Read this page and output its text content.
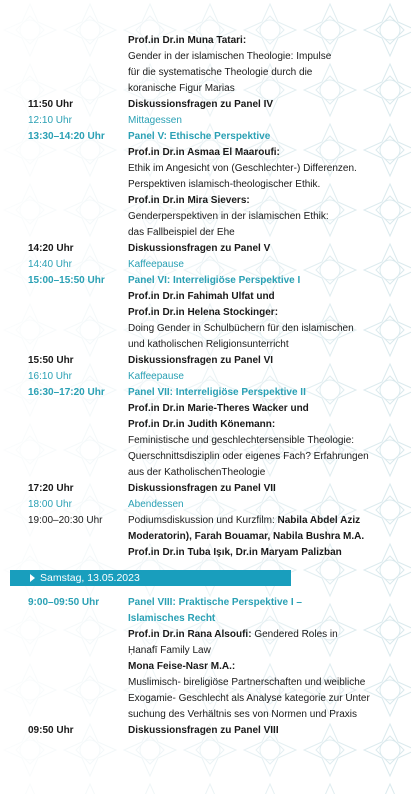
Prof.in Dr.in Muna Tatari:
Gender in der islamischen Theologie: Impulse
für die systematische Theologie durch die
koranische Figur Marias
11:50 Uhr	Diskussionsfragen zu Panel IV
12:10 Uhr	Mittagessen
13:30–14:20 Uhr Panel V: Ethische Perspektive
Prof.in Dr.in Asmaa El Maaroufi:
Ethik im Angesicht von (Geschlechter-) Differenzen.
Perspektiven islamisch-theologischer Ethik.
Prof.in Dr.in Mira Sievers:
Genderperspektiven in der islamischen Ethik:
das Fallbeispiel der Ehe
14:20 Uhr	Diskussionsfragen zu Panel V
14:40 Uhr	Kaffeepause
15:00–15:50 Uhr Panel VI: Interreligiöse Perspektive I
Prof.in Dr.in Fahimah Ulfat und
Prof.in Dr.in Helena Stockinger:
Doing Gender in Schulbüchern für den islamischen
und katholischen Religionsunterricht
15:50 Uhr	Diskussionsfragen zu Panel VI
16:10 Uhr	Kaffeepause
16:30–17:20 Uhr Panel VII: Interreligiöse Perspektive II
Prof.in Dr.in Marie-Theres Wacker und
Prof.in Dr.in Judith Könemann:
Feministische und geschlechtersensible Theologie:
Querschnittsdisziplin oder eigenes Fach? Erfahrungen
aus der KatholischenTheologie
17:20 Uhr	Diskussionsfragen zu Panel VII
18:00 Uhr	Abendessen
19:00–20:30 Uhr	Podiumsdiskussion und Kurzfilm: Nabila Abdel Aziz
Moderatorin), Farah Bouamar, Nabila Bushra M.A.
Prof.in Dr.in Tuba Işık, Dr.in Maryam Palizban
Samstag, 13.05.2023
9:00–09:50 Uhr	Panel VIII: Praktische Perspektive I –
Islamisches Recht
Prof.in Dr.in Rana Alsoufi: Gendered Roles in
Ḥanafī Family Law
Mona Feise-Nasr M.A.:
Muslimisch- bireligiöse Partnerschaften und weibliche
Exogamie- Geschlecht als Analyse kategorie zur Unter
suchung des Verhältnis ses von Normen und Praxis
09:50 Uhr	Diskussionsfragen zu Panel VIII
